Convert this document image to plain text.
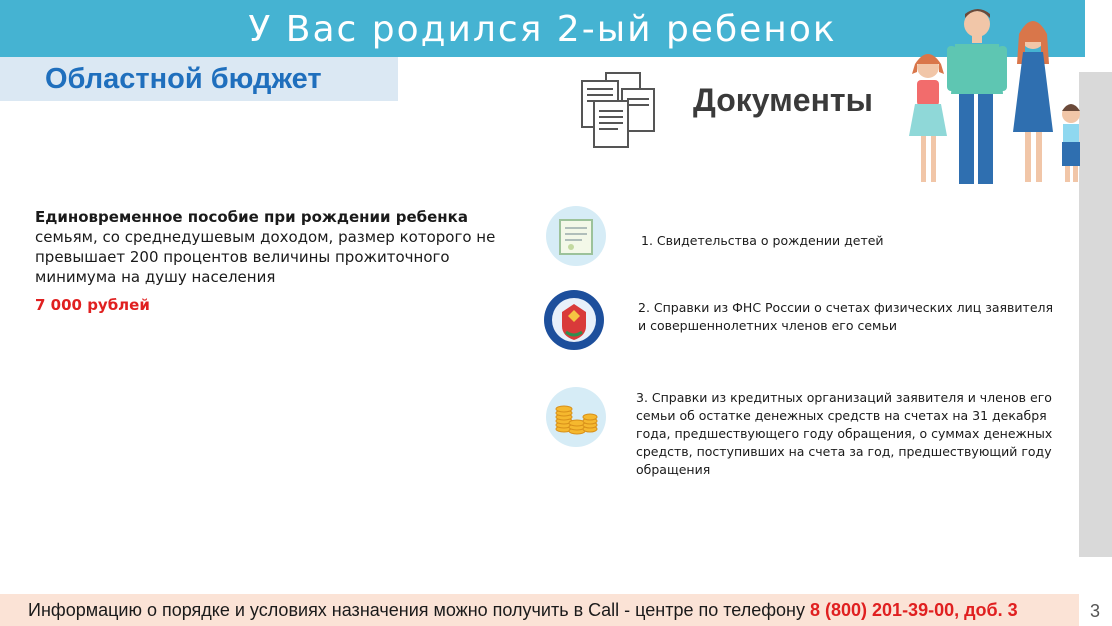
У Вас родился 2-ый ребенок
Областной бюджет
Документы
Единовременное пособие при рождении ребенка
семьям, со среднедушевым доходом, размер которого не превышает 200 процентов величины прожиточного минимума на душу населения
7 000 рублей
1. Свидетельства о рождении детей
2. Справки из ФНС России о счетах физических лиц заявителя и совершеннолетних членов его семьи
3. Справки из кредитных организаций заявителя и членов его семьи об остатке денежных средств на счетах на 31 декабря года, предшествующего году обращения, о суммах денежных средств, поступивших на счета за год, предшествующий году обращения
Информацию о порядке и условиях назначения можно получить в Call - центре по телефону 8 (800) 201-39-00, доб. 3	3
